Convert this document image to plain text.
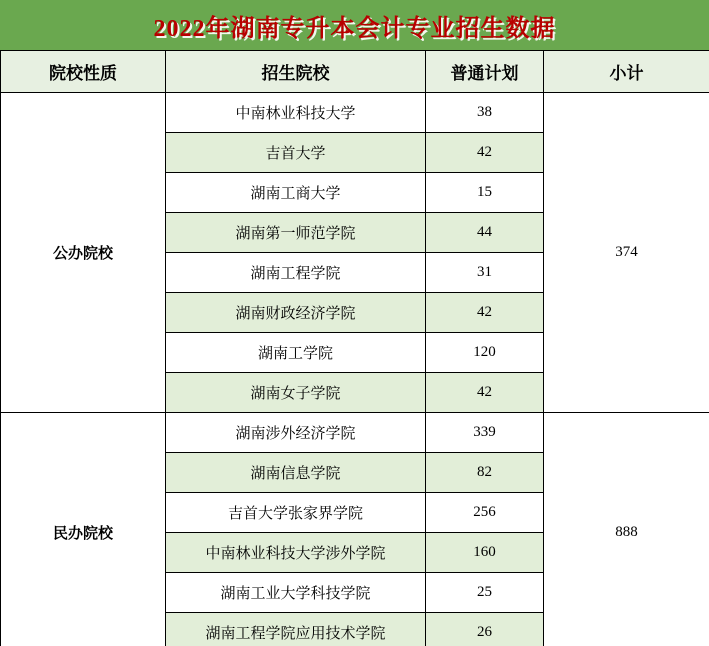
2022年湖南专升本会计专业招生数据
院校性质	招生院校	普通计划	小计
公办院校	中南林业科技大学	38	374
	吉首大学	42	
	湖南工商大学	15	
	湖南第一师范学院	44	
	湖南工程学院	31	
	湖南财政经济学院	42	
	湖南工学院	120	
	湖南女子学院	42	
民办院校	湖南涉外经济学院	339	888
	湖南信息学院	82	
	吉首大学张家界学院	256	
	中南林业科技大学涉外学院	160	
	湖南工业大学科技学院	25	
	湖南工程学院应用技术学院	26	
